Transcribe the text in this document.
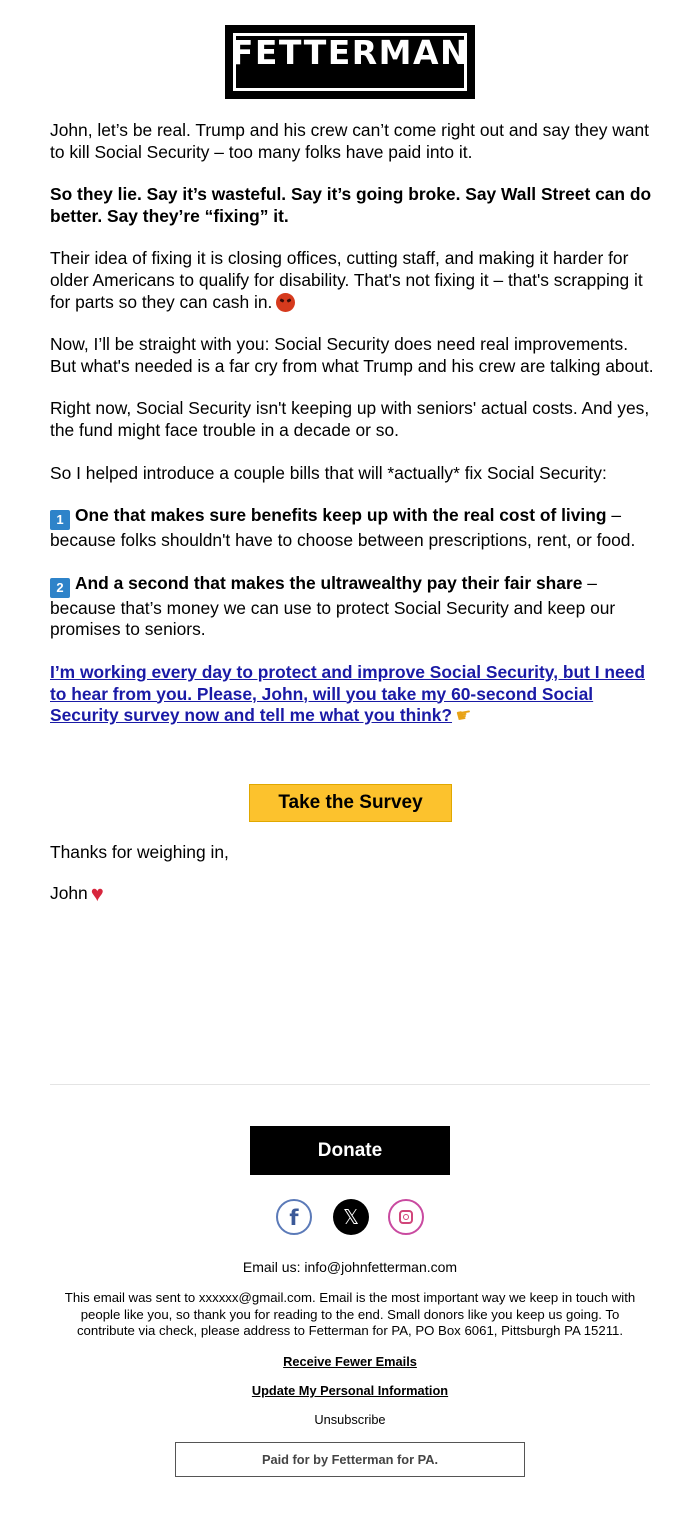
FETTERMAN

John, let’s be real. Trump and his crew can’t come right out and say they want to kill Social Security – too many folks have paid into it.

So they lie. Say it’s wasteful. Say it’s going broke. Say Wall Street can do better. Say they’re “fixing” it.

Their idea of fixing it is closing offices, cutting staff, and making it harder for older Americans to qualify for disability. That's not fixing it – that's scrapping it for parts so they can cash in.

Now, I’ll be straight with you: Social Security does need real improvements. But what's needed is a far cry from what Trump and his crew are talking about.

Right now, Social Security isn't keeping up with seniors' actual costs. And yes, the fund might face trouble in a decade or so.

So I helped introduce a couple bills that will *actually* fix Social Security:

1 One that makes sure benefits keep up with the real cost of living – because folks shouldn't have to choose between prescriptions, rent, or food.

2 And a second that makes the ultrawealthy pay their fair share – because that’s money we can use to protect Social Security and keep our promises to seniors.

I’m working every day to protect and improve Social Security, but I need to hear from you. Please, John, will you take my 60-second Social Security survey now and tell me what you think? ☛

Take the Survey
Thanks for weighing in,
John ♥
Donate
f	𝕏
Email us: info@johnfetterman.com
This email was sent to xxxxxx@gmail.com. Email is the most important way we keep in touch with people like you, so thank you for reading to the end. Small donors like you keep us going. To contribute via check, please address to Fetterman for PA, PO Box 6061, Pittsburgh PA 15211.
Receive Fewer Emails
Update My Personal Information
Unsubscribe
Paid for by Fetterman for PA.
